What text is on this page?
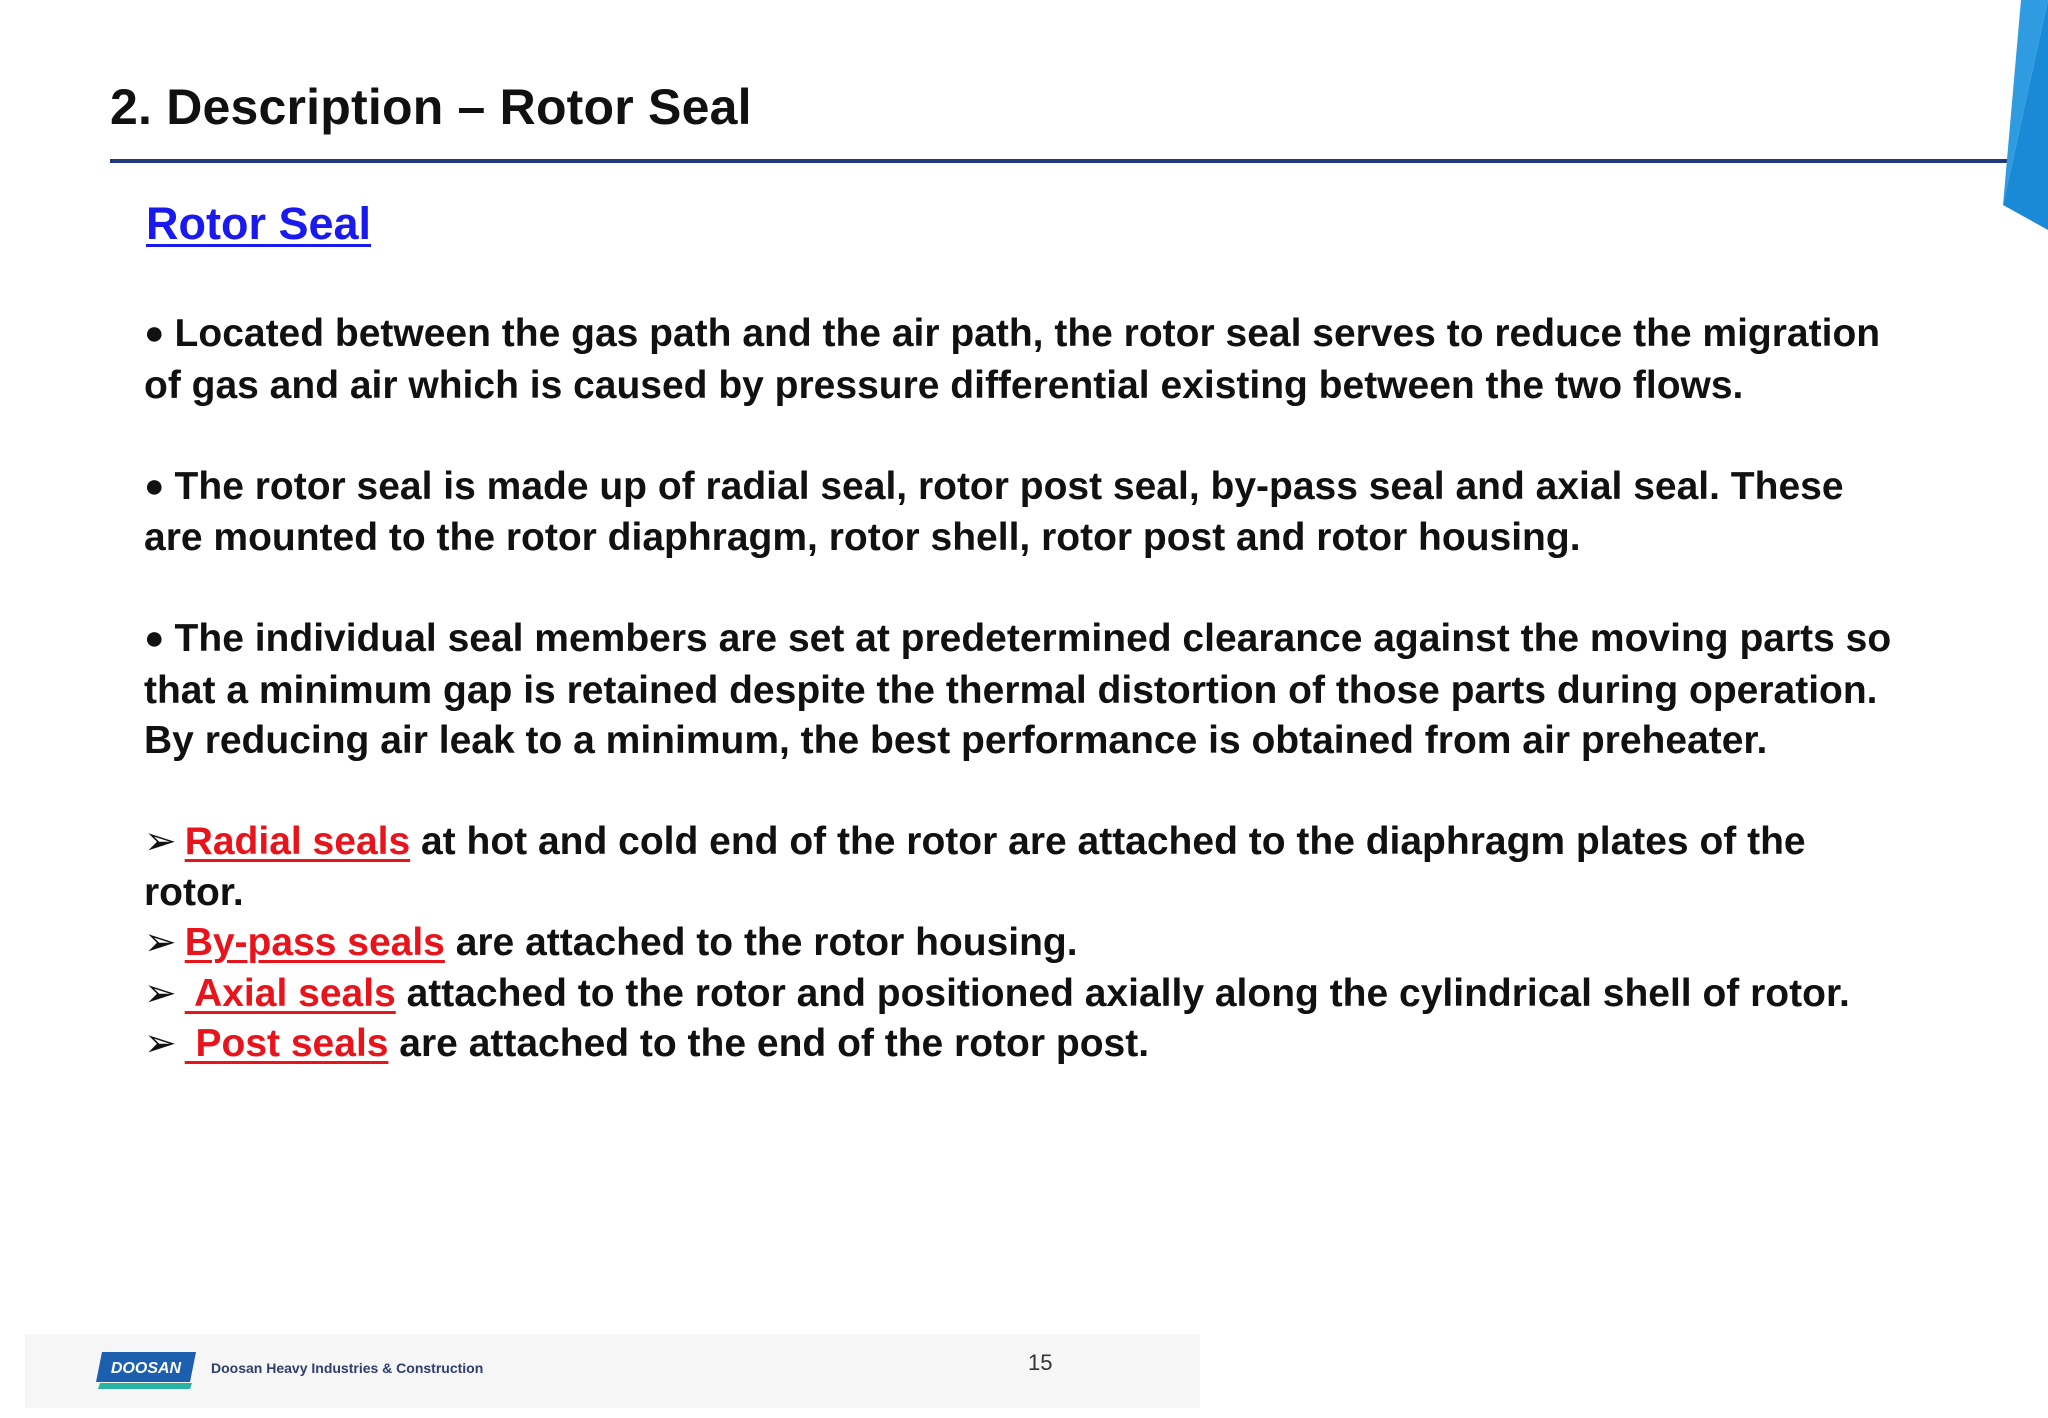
2. Description – Rotor Seal
Rotor Seal

● Located between the gas path and the air path, the rotor seal serves to reduce the migration of gas and air which is caused by pressure differential existing between the two flows.

● The rotor seal is made up of radial seal, rotor post seal, by-pass seal and axial seal. These are mounted to the rotor diaphragm, rotor shell, rotor post and rotor housing.

● The individual seal members are set at predetermined clearance against the moving parts so that a minimum gap is retained despite the thermal distortion of those parts during operation. By reducing air leak to a minimum, the best performance is obtained from air preheater.

➢ Radial seals at hot and cold end of the rotor are attached to the diaphragm plates of the rotor.

➢ By-pass seals are attached to the rotor housing.

➢ Axial seals attached to the rotor and positioned axially along the cylindrical shell of rotor.

➢ Post seals are attached to the end of the rotor post.

DOOSAN Doosan Heavy Industries & Construction	15
